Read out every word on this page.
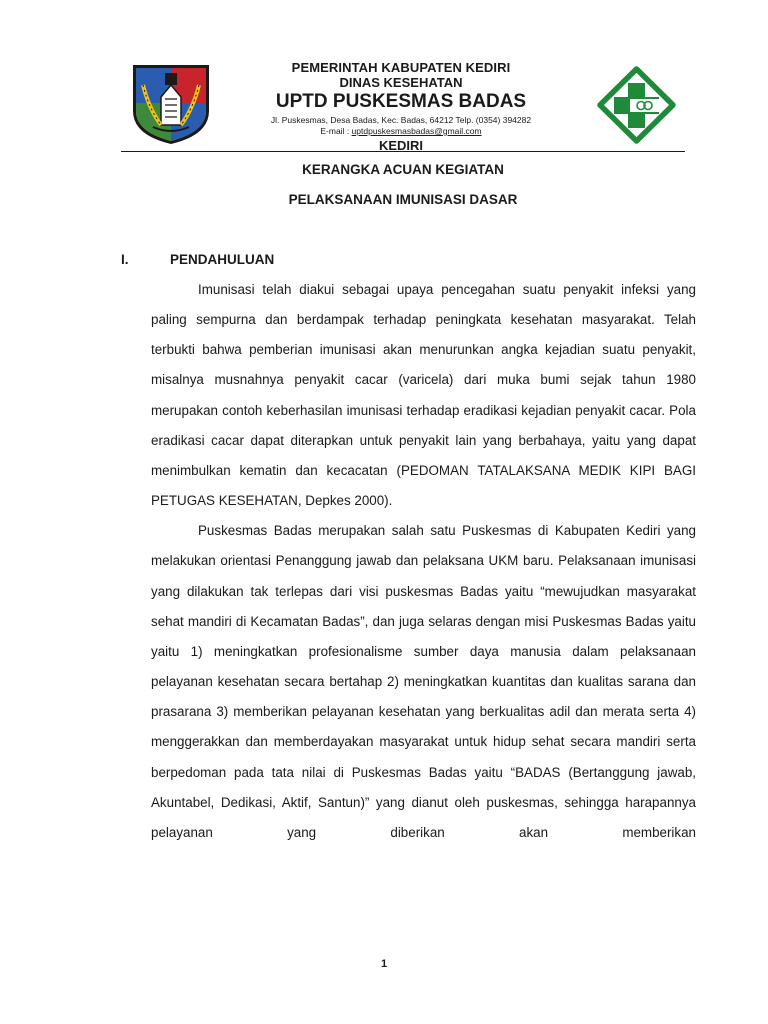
PEMERINTAH KABUPATEN KEDIRI
DINAS KESEHATAN
UPTD PUSKESMAS BADAS
Jl. Puskesmas, Desa Badas, Kec. Badas, 64212 Telp. (0354) 394282
E-mail : uptdpuskesmasbadas@gmail.com
KEDIRI
KERANGKA ACUAN KEGIATAN
PELAKSANAAN IMUNISASI DASAR
I.	PENDAHULUAN

Imunisasi telah diakui sebagai upaya pencegahan suatu penyakit infeksi yang paling sempurna dan berdampak terhadap peningkata kesehatan masyarakat. Telah terbukti bahwa pemberian imunisasi akan menurunkan angka kejadian suatu penyakit, misalnya musnahnya penyakit cacar (varicela) dari muka bumi sejak tahun 1980 merupakan contoh keberhasilan imunisasi terhadap eradikasi kejadian penyakit cacar. Pola eradikasi cacar dapat diterapkan untuk penyakit lain yang berbahaya, yaitu yang dapat menimbulkan kematin dan kecacatan (PEDOMAN TATALAKSANA MEDIK KIPI BAGI PETUGAS KESEHATAN, Depkes 2000).

Puskesmas Badas merupakan salah satu Puskesmas di Kabupaten Kediri yang melakukan orientasi Penanggung jawab dan pelaksana UKM baru. Pelaksanaan imunisasi yang dilakukan tak terlepas dari visi puskesmas Badas yaitu “mewujudkan masyarakat sehat mandiri di Kecamatan Badas”, dan juga selaras dengan misi Puskesmas Badas yaitu yaitu 1) meningkatkan profesionalisme sumber daya manusia dalam pelaksanaan pelayanan kesehatan secara bertahap 2) meningkatkan kuantitas dan kualitas sarana dan prasarana 3) memberikan pelayanan kesehatan yang berkualitas adil dan merata serta 4) menggerakkan dan memberdayakan masyarakat untuk hidup sehat secara mandiri serta berpedoman pada tata nilai di Puskesmas Badas yaitu “BADAS (Bertanggung jawab, Akuntabel, Dedikasi, Aktif, Santun)” yang dianut oleh puskesmas, sehingga harapannya pelayanan yang diberikan akan memberikan

1
